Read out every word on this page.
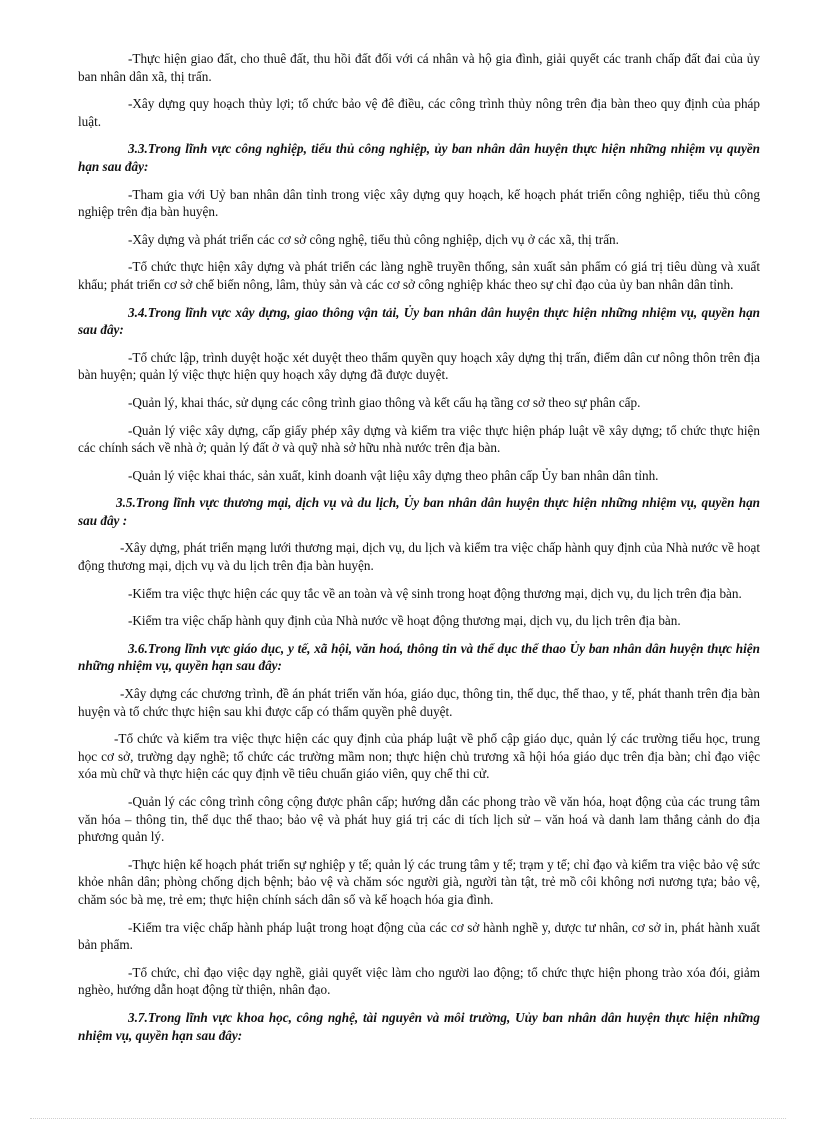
-Thực hiện giao đất, cho thuê đất, thu hồi đất đối với cá nhân và hộ gia đình, giải quyết các tranh chấp đất đai của ủy ban nhân dân xã, thị trấn.

-Xây dựng quy hoạch thủy lợi; tổ chức bảo vệ đê điều, các công trình thủy nông trên địa bàn theo quy định của pháp luật.

3.3.Trong lĩnh vực công nghiệp, tiểu thủ công nghiệp, ủy ban nhân dân huyện thực hiện những nhiệm vụ quyền hạn sau đây:

-Tham gia với Uỷ ban nhân dân tỉnh trong việc xây dựng quy hoạch, kế hoạch phát triển công nghiệp, tiểu thủ công nghiệp trên địa bàn huyện.

-Xây dựng và phát triển các cơ sở công nghệ, tiểu thủ công nghiệp, dịch vụ ở các xã, thị trấn.

-Tổ chức thực hiện xây dựng và phát triển các làng nghề truyền thống, sản xuất sản phẩm có giá trị tiêu dùng và xuất khẩu; phát triển cơ sở chế biến nông, lâm, thủy sản và các cơ sở công nghiệp khác theo sự chỉ đạo của ủy ban nhân dân tỉnh.

3.4.Trong lĩnh vực xây dựng, giao thông vận tải, Ủy ban nhân dân huyện thực hiện những nhiệm vụ, quyền hạn sau đây:

-Tổ chức lập, trình duyệt hoặc xét duyệt theo thẩm quyền quy hoạch xây dựng thị trấn, điểm dân cư nông thôn trên địa bàn huyện; quản lý việc thực hiện quy hoạch xây dựng đã được duyệt.

-Quản lý, khai thác, sử dụng các công trình giao thông và kết cấu hạ tầng cơ sở theo sự phân cấp.

-Quản lý việc xây dựng, cấp giấy phép xây dựng và kiểm tra việc thực hiện pháp luật về xây dựng; tổ chức thực hiện các chính sách về nhà ở; quản lý đất ở và quỹ nhà sở hữu nhà nước trên địa bàn.

-Quản lý việc khai thác, sản xuất, kinh doanh vật liệu xây dựng theo phân cấp Ủy ban nhân dân tỉnh.

3.5.Trong lĩnh vực thương mại, dịch vụ và du lịch, Ủy ban nhân dân huyện thực hiện những nhiệm vụ, quyền hạn sau đây :

-Xây dựng, phát triển mạng lưới thương mại, dịch vụ, du lịch và kiểm tra việc chấp hành quy định của Nhà nước về hoạt động thương mại, dịch vụ và du lịch trên địa bàn huyện.

-Kiểm tra việc thực hiện các quy tắc về an toàn và vệ sinh trong hoạt động thương mại, dịch vụ, du lịch trên địa bàn.

-Kiểm tra việc chấp hành quy định của Nhà nước về hoạt động thương mại, dịch vụ, du lịch trên địa bàn.

3.6.Trong lĩnh vực giáo dục, y tế, xã hội, văn hoá, thông tin và thể dục thể thao Ủy ban nhân dân huyện thực hiện những nhiệm vụ, quyền hạn sau đây:

-Xây dựng các chương trình, đề án phát triển văn hóa, giáo dục, thông tin, thể dục, thể thao, y tế, phát thanh trên địa bàn huyện và tổ chức thực hiện sau khi được cấp có thẩm quyền phê duyệt.

-Tổ chức và kiểm tra việc thực hiện các quy định của pháp luật về phổ cập giáo dục, quản lý các trường tiểu học, trung học cơ sở, trường dạy nghề; tổ chức các trường mầm non; thực hiện chủ trương xã hội hóa giáo dục trên địa bàn; chỉ đạo việc xóa mù chữ và thực hiện các quy định về tiêu chuẩn giáo viên, quy chế thi cử.

-Quản lý các công trình công cộng được phân cấp; hướng dẫn các phong trào về văn hóa, hoạt động của các trung tâm văn hóa – thông tin, thể dục thể thao; bảo vệ và phát huy giá trị các di tích lịch sử – văn hoá và danh lam thắng cảnh do địa phương quản lý.

-Thực hiện kế hoạch phát triển sự nghiệp y tế; quản lý các trung tâm y tế; trạm y tế; chỉ đạo và kiểm tra việc bảo vệ sức khỏe nhân dân; phòng chống dịch bệnh; bảo vệ và chăm sóc người già, người tàn tật, trẻ mồ côi không nơi nương tựa; bảo vệ, chăm sóc bà mẹ, trẻ em; thực hiện chính sách dân số và kế hoạch hóa gia đình.

-Kiểm tra việc chấp hành pháp luật trong hoạt động của các cơ sở hành nghề y, dược tư nhân, cơ sở in, phát hành xuất bản phẩm.

-Tổ chức, chỉ đạo việc dạy nghề, giải quyết việc làm cho người lao động; tổ chức thực hiện phong trào xóa đói, giảm nghèo, hướng dẫn hoạt động từ thiện, nhân đạo.

3.7.Trong lĩnh vực khoa học, công nghệ, tài nguyên và môi trường, Uủy ban nhân dân huyện thực hiện những nhiệm vụ, quyền hạn sau đây:
